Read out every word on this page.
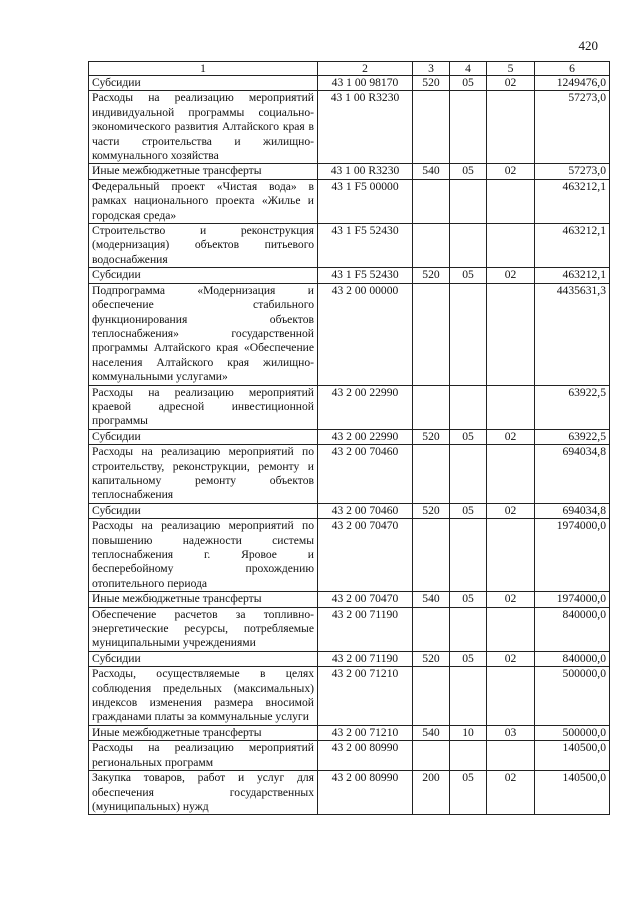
420
1	2	3	4	5	6
Субсидии	43 1 00 98170	520	05	02	1249476,0
Расходы на реализацию мероприятий индивидуальной программы социально-экономического развития Алтайского края в части строительства и жилищно-коммунального хозяйства	43 1 00 R3230				57273,0
Иные межбюджетные трансферты	43 1 00 R3230	540	05	02	57273,0
Федеральный проект «Чистая вода» в рамках национального проекта «Жилье и городская среда»	43 1 F5 00000				463212,1
Строительство и реконструкция (модернизация) объектов питьевого водоснабжения	43 1 F5 52430				463212,1
Субсидии	43 1 F5 52430	520	05	02	463212,1
Подпрограмма «Модернизация и обеспечение стабильного функционирования объектов теплоснабжения» государственной программы Алтайского края «Обеспечение населения Алтайского края жилищно-коммунальными услугами»	43 2 00 00000				4435631,3
Расходы на реализацию мероприятий краевой адресной инвестиционной программы	43 2 00 22990				63922,5
Субсидии	43 2 00 22990	520	05	02	63922,5
Расходы на реализацию мероприятий по строительству, реконструкции, ремонту и капитальному ремонту объектов теплоснабжения	43 2 00 70460				694034,8
Субсидии	43 2 00 70460	520	05	02	694034,8
Расходы на реализацию мероприятий по повышению надежности системы теплоснабжения г. Яровое и бесперебойному прохождению отопительного периода	43 2 00 70470				1974000,0
Иные межбюджетные трансферты	43 2 00 70470	540	05	02	1974000,0
Обеспечение расчетов за топливно-энергетические ресурсы, потребляемые муниципальными учреждениями	43 2 00 71190				840000,0
Субсидии	43 2 00 71190	520	05	02	840000,0
Расходы, осуществляемые в целях соблюдения предельных (максимальных) индексов изменения размера вносимой гражданами платы за коммунальные услуги	43 2 00 71210				500000,0
Иные межбюджетные трансферты	43 2 00 71210	540	10	03	500000,0
Расходы на реализацию мероприятий региональных программ	43 2 00 80990				140500,0
Закупка товаров, работ и услуг для обеспечения государственных (муниципальных) нужд	43 2 00 80990	200	05	02	140500,0
